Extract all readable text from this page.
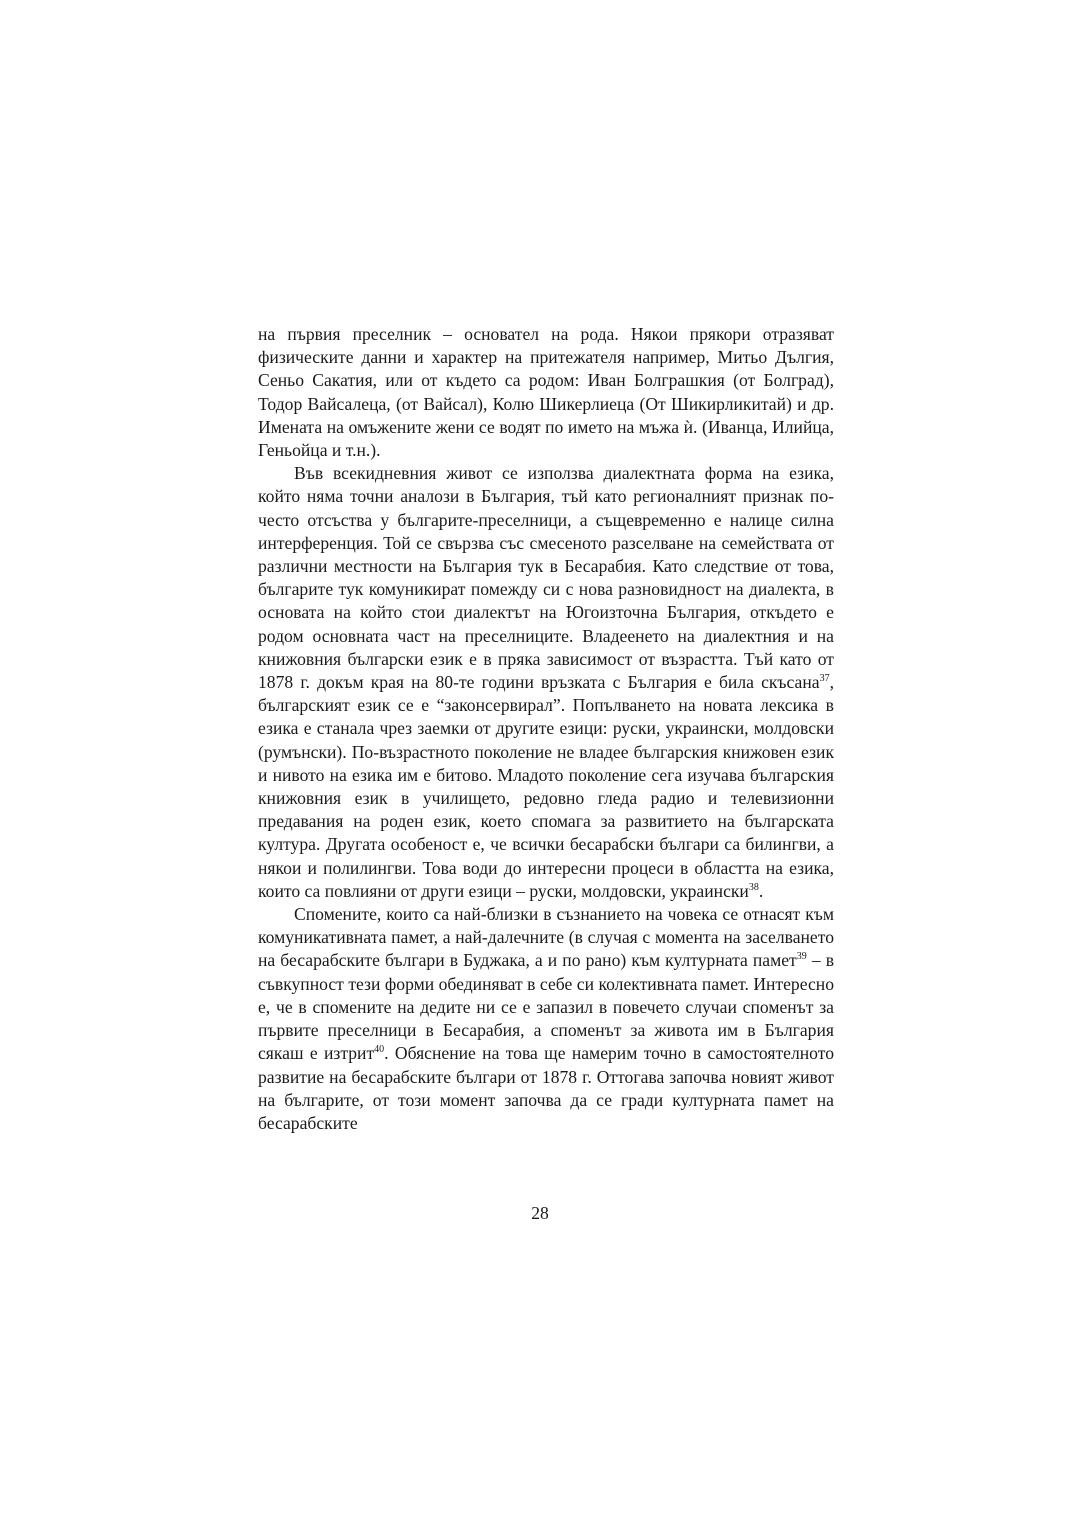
на първия преселник – основател на рода. Някои прякори отразяват физическите данни и характер на притежателя например, Митьо Дългия, Сеньо Сакатия, или от където са родом: Иван Болграшкия (от Болград), Тодор Вайсалеца, (от Вайсал), Колю Шикерлиеца (От Шикирликитай) и др. Имената на омъжените жени се водят по името на мъжа ѝ. (Иванца, Илийца, Геньойца и т.н.).

Във всекидневния живот се използва диалектната форма на езика, който няма точни аналози в България, тъй като регионалният признак по-често отсъства у българите-преселници, а същевременно е налице силна интерференция. Той се свързва със смесеното разселване на семействата от различни местности на България тук в Бесарабия. Като следствие от това, българите тук комуникират помежду си с нова разновидност на диалекта, в основата на който стои диалектът на Югоизточна България, откъдето е родом основната част на преселниците. Владеенето на диалектния и на книжовния български език е в пряка зависимост от възрастта. Тъй като от 1878 г. докъм края на 80-те години връзката с България е била скъсана$^{37}$, българският език се е “законсервирал”. Попълването на новата лексика в езика е станала чрез заемки от другите езици: руски, украински, молдовски (румънски). По-възрастното поколение не владее българския книжовен език и нивото на езика им е битово. Младото поколение сега изучава българския книжовния език в училището, редовно гледа радио и телевизионни предавания на роден език, което спомага за развитието на българската култура. Другата особеност е, че всички бесарабски българи са билингви, а някои и полилингви. Това води до интересни процеси в областта на езика, които са повлияни от други езици – руски, молдовски, украински$^{38}$.

Спомените, които са най-близки в съзнанието на човека се отнасят към комуникативната памет, а най-далечните (в случая с момента на заселването на бесарабските българи в Буджака, а и по рано) към културната памет$^{39}$ – в съвкупност тези форми обединяват в себе си колективната памет. Интересно е, че в спомените на дедите ни се е запазил в повечето случаи споменът за първите преселници в Бесарабия, а споменът за живота им в България сякаш е изтрит$^{40}$. Обяснение на това ще намерим точно в самостоятелното развитие на бесарабските българи от 1878 г. Оттогава започва новият живот на българите, от този момент започва да се гради културната памет на бесарабските

28
